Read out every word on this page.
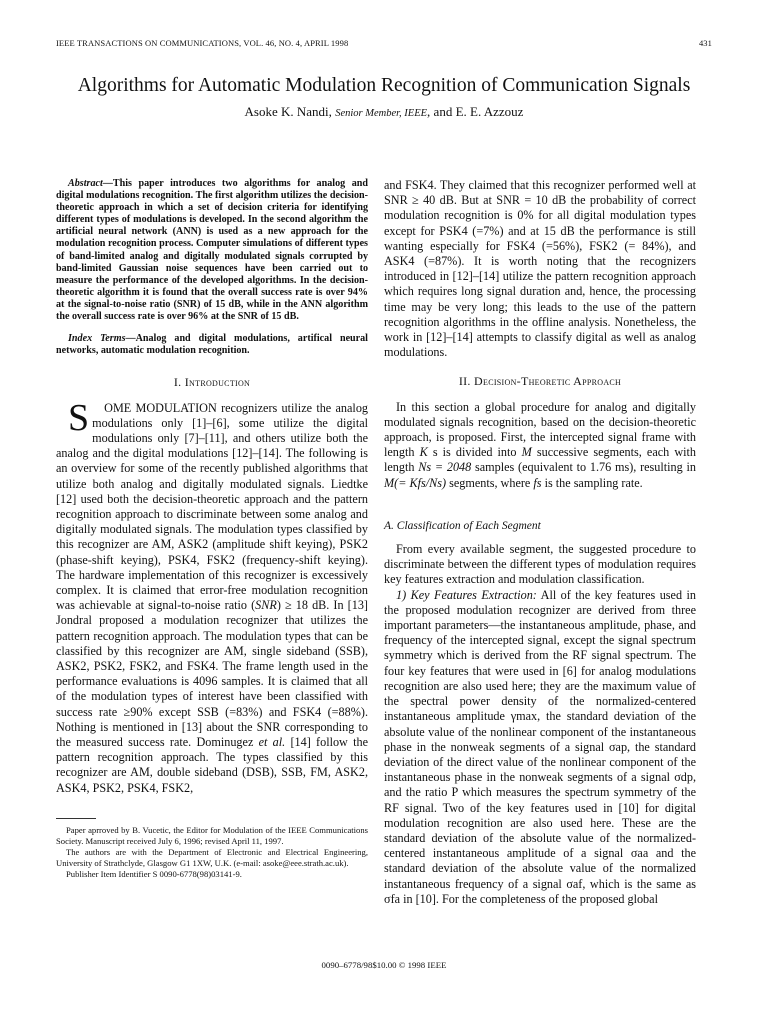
IEEE TRANSACTIONS ON COMMUNICATIONS, VOL. 46, NO. 4, APRIL 1998	431
Algorithms for Automatic Modulation Recognition of Communication Signals
Asoke K. Nandi, Senior Member, IEEE, and E. E. Azzouz

Abstract—This paper introduces two algorithms for analog and digital modulations recognition. The first algorithm utilizes the decision-theoretic approach in which a set of decision criteria for identifying different types of modulations is developed. In the second algorithm the artificial neural network (ANN) is used as a new approach for the modulation recognition process. Computer simulations of different types of band-limited analog and digitally modulated signals corrupted by band-limited Gaussian noise sequences have been carried out to measure the performance of the developed algorithms. In the decision-theoretic algorithm it is found that the overall success rate is over 94% at the signal-to-noise ratio (SNR) of 15 dB, while in the ANN algorithm the overall success rate is over 96% at the SNR of 15 dB.

Index Terms—Analog and digital modulations, artifical neural networks, automatic modulation recognition.

I. Introduction

S OME MODULATION recognizers utilize the analog modulations only [1]–[6], some utilize the digital modulations only [7]–[11], and others utilize both the analog and the digital modulations [12]–[14]. The following is an overview for some of the recently published algorithms that utilize both analog and digitally modulated signals. Liedtke [12] used both the decision-theoretic approach and the pattern recognition approach to discriminate between some analog and digitally modulated signals. The modulation types classified by this recognizer are AM, ASK2 (amplitude shift keying), PSK2 (phase-shift keying), PSK4, FSK2 (frequency-shift keying). The hardware implementation of this recognizer is excessively complex. It is claimed that error-free modulation recognition was achievable at signal-to-noise ratio (SNR) ≥ 18 dB. In [13] Jondral proposed a modulation recognizer that utilizes the pattern recognition approach. The modulation types that can be classified by this recognizer are AM, single sideband (SSB), ASK2, PSK2, FSK2, and FSK4. The frame length used in the performance evaluations is 4096 samples. It is claimed that all of the modulation types of interest have been classified with success rate ≥90% except SSB (=83%) and FSK4 (=88%). Nothing is mentioned in [13] about the SNR corresponding to the measured success rate. Dominugez et al. [14] follow the pattern recognition approach. The types classified by this recognizer are AM, double sideband (DSB), SSB, FM, ASK2, ASK4, PSK2, PSK4, FSK2,

Paper aprroved by B. Vucetic, the Editor for Modulation of the IEEE Communications Society. Manuscript received July 6, 1996; revised April 11, 1997.

The authors are with the Department of Electronic and Electrical Engineering, University of Strathclyde, Glasgow G1 1XW, U.K. (e-mail: asoke@eee.strath.ac.uk).

Publisher Item Identifier S 0090-6778(98)03141-9.

and FSK4. They claimed that this recognizer performed well at SNR ≥ 40 dB. But at SNR = 10 dB the probability of correct modulation recognition is 0% for all digital modulation types except for PSK4 (=7%) and at 15 dB the performance is still wanting especially for FSK4 (=56%), FSK2 (= 84%), and ASK4 (=87%). It is worth noting that the recognizers introduced in [12]–[14] utilize the pattern recognition approach which requires long signal duration and, hence, the processing time may be very long; this leads to the use of the pattern recognition algorithms in the offline analysis. Nonetheless, the work in [12]–[14] attempts to classify digital as well as analog modulations.

II. Decision-Theoretic Approach

In this section a global procedure for analog and digitally modulated signals recognition, based on the decision-theoretic approach, is proposed. First, the intercepted signal frame with length K s is divided into M successive segments, each with length Ns = 2048 samples (equivalent to 1.76 ms), resulting in M(= Kfs/Ns) segments, where fs is the sampling rate.

A. Classification of Each Segment

From every available segment, the suggested procedure to discriminate between the different types of modulation requires key features extraction and modulation classification.

1) Key Features Extraction: All of the key features used in the proposed modulation recognizer are derived from three important parameters—the instantaneous amplitude, phase, and frequency of the intercepted signal, except the signal spectrum symmetry which is derived from the RF signal spectrum. The four key features that were used in [6] for analog modulations recognition are also used here; they are the maximum value of the spectral power density of the normalized-centered instantaneous amplitude γmax, the standard deviation of the absolute value of the nonlinear component of the instantaneous phase in the nonweak segments of a signal σap, the standard deviation of the direct value of the nonlinear component of the instantaneous phase in the nonweak segments of a signal σdp, and the ratio P which measures the spectrum symmetry of the RF signal. Two of the key features used in [10] for digital modulation recognition are also used here. These are the standard deviation of the absolute value of the normalized-centered instantaneous amplitude of a signal σaa and the standard deviation of the absolute value of the normalized instantaneous frequency of a signal σaf, which is the same as σfa in [10]. For the completeness of the proposed global

0090–6778/98$10.00 © 1998 IEEE
